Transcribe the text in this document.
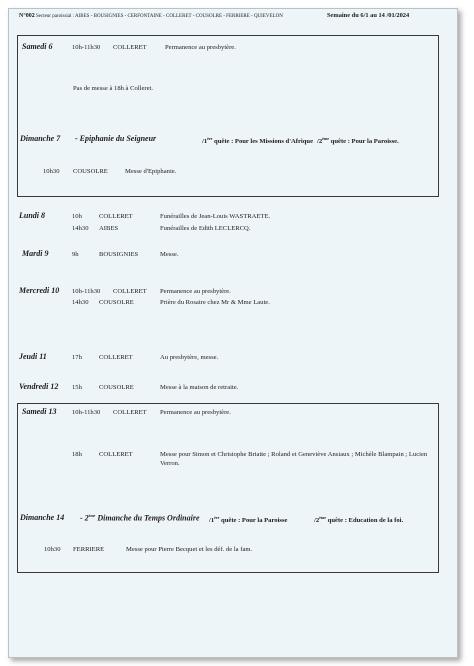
N°002 Secteur paroissial : AIBES - BOUSIGNIES - CERFONTAINE - COLLERET - COUSOLRE - FERRIERE - QUIEVELON	Semaine du 6/1 au 14 /01/2024
Samedi 6	10h-11h30 COLLERET	Permanence au presbytère.
Pas de messe à 18h à Colleret.
Dimanche 7 - Epiphanie du Seigneur	/1ère quête : Pour les Missions d'Afrique /2ème quête : Pour la Paroisse.
10h30 COUSOLRE	Messe d'Epiphanie.
Lundi 8	10h	COLLERET	Funérailles de Jean-Louis WASTRAETE.
14h30 AIBES	Funérailles de Edith LECLERCQ.
Mardi 9	9h	BOUSIGNIES	Messe.
Mercredi 10 10h-11h30 COLLERET Permanence au presbytère.
14h30 COUSOLRE	Prière du Rosaire chez Mr & Mme Laute.
Jeudi 11	17h	COLLERET	Au presbytère, messe.
Vendredi 12 15h	COUSOLRE	Messe à la maison de retraite.
Samedi 13 10h-11h30 COLLERET Permanence au presbytère.
18h	COLLERET	Messe pour Simon et Christophe Briatte ; Roland et Geneviève Ansiaux ; Michèle Blampain ; Lucien Verron.
Dimanche 14 - 2ème Dimanche du Temps Ordinaire /1ère quête : Pour la Paroisse	/2ème quête : Education de la foi.
10h30 FERRIERE	Messe pour Pierre Becquet et les déf. de la fam.
